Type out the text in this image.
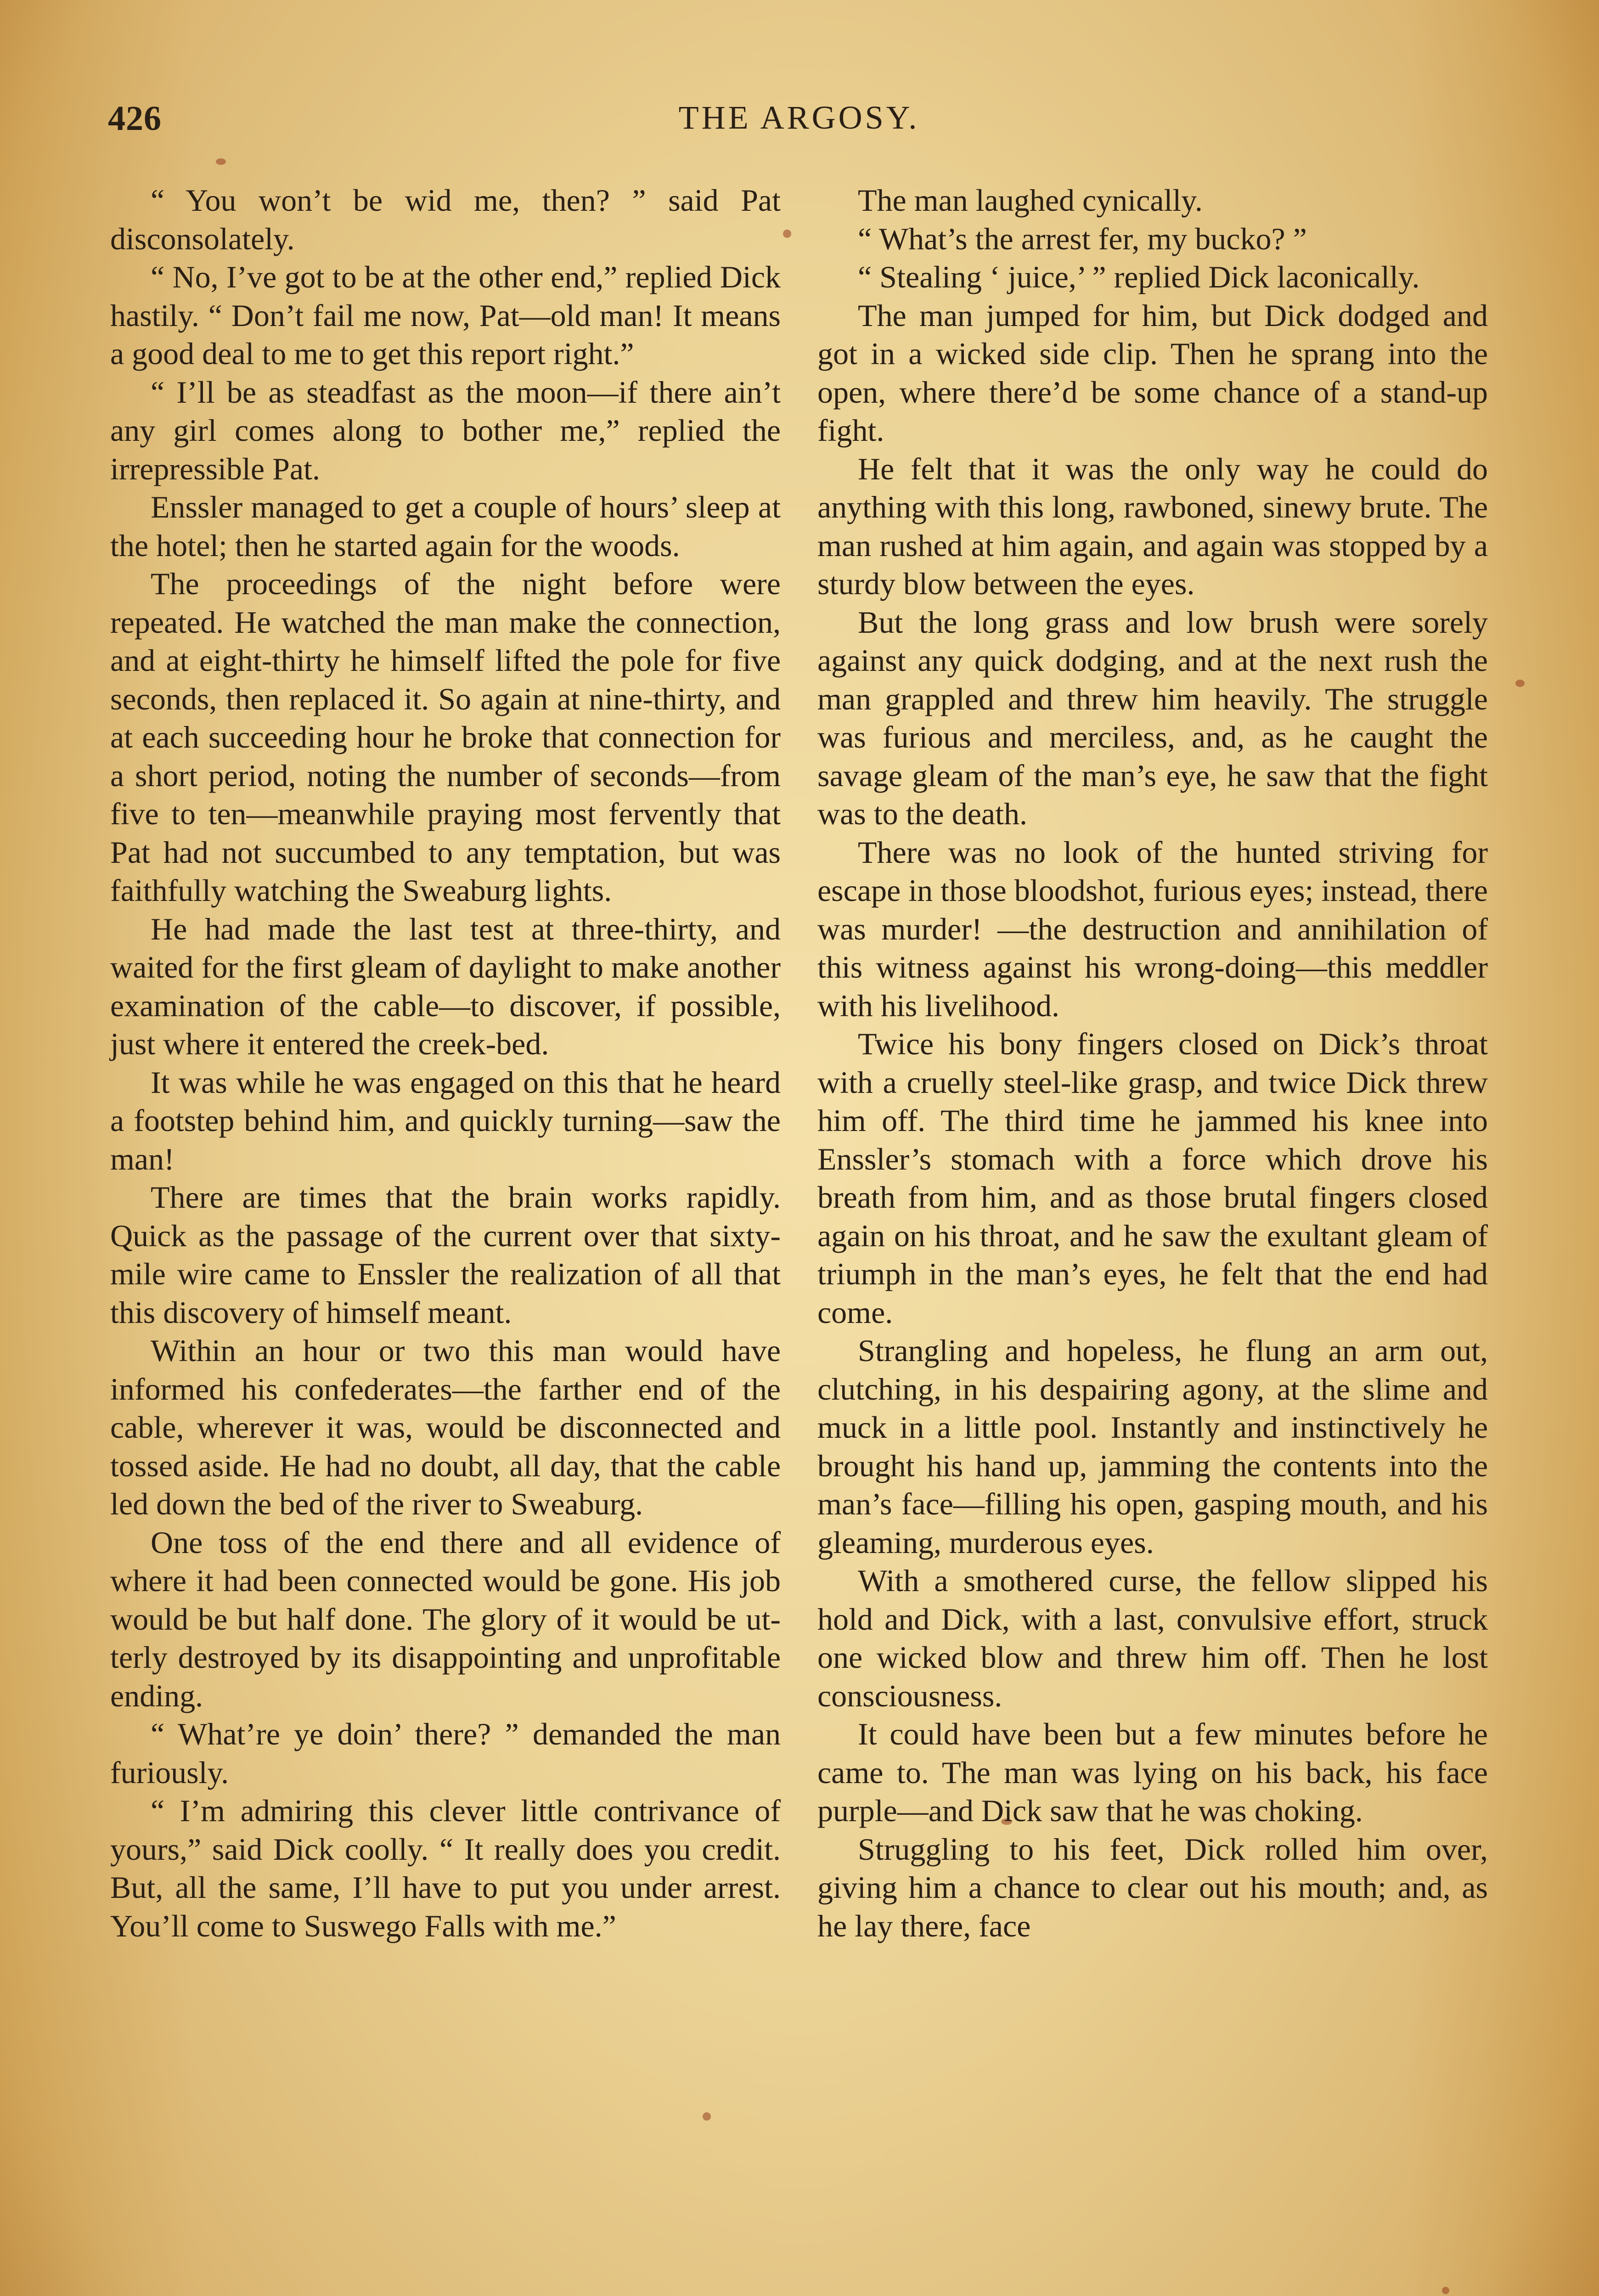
426	THE ARGOSY.

“ You won’t be wid me, then? ” said Pat disconsolately.

“ No, I’ve got to be at the other end,” replied Dick hastily. “ Don’t fail me now, Pat—old man! It means a good deal to me to get this report right.”

“ I’ll be as steadfast as the moon—if there ain’t any girl comes along to bother me,” replied the irrepressible Pat.

Enssler managed to get a couple of hours’ sleep at the hotel; then he started again for the woods.

The proceedings of the night before were repeated. He watched the man make the connection, and at eight-thirty he himself lifted the pole for five seconds, then replaced it. So again at nine-thirty, and at each succeeding hour he broke that connection for a short period, noting the number of seconds—from five to ten—meanwhile praying most fervently that Pat had not succumbed to any temptation, but was faithfully watching the Sweaburg lights.

He had made the last test at three-thirty, and waited for the first gleam of daylight to make another examination of the cable—to discover, if possible, just where it entered the creek-bed.

It was while he was engaged on this that he heard a footstep behind him, and quickly turning—saw the man!

There are times that the brain works rapidly. Quick as the passage of the current over that sixty-mile wire came to Enssler the realization of all that this discovery of himself meant.

Within an hour or two this man would have informed his confederates—the farther end of the cable, wherever it was, would be disconnected and tossed aside. He had no doubt, all day, that the cable led down the bed of the river to Sweaburg.

One toss of the end there and all evidence of where it had been connected would be gone. His job would be but half done. The glory of it would be utterly destroyed by its disappointing and unprofitable ending.

“ What’re ye doin’ there? ” demanded the man furiously.

“ I’m admiring this clever little contrivance of yours,” said Dick coolly. “ It really does you credit. But, all the same, I’ll have to put you under arrest. You’ll come to Suswego Falls with me.”

The man laughed cynically.

“ What’s the arrest fer, my bucko? ”

“ Stealing ‘ juice,’ ” replied Dick laconically.

The man jumped for him, but Dick dodged and got in a wicked side clip. Then he sprang into the open, where there’d be some chance of a stand-up fight.

He felt that it was the only way he could do anything with this long, rawboned, sinewy brute. The man rushed at him again, and again was stopped by a sturdy blow between the eyes.

But the long grass and low brush were sorely against any quick dodging, and at the next rush the man grappled and threw him heavily. The struggle was furious and merciless, and, as he caught the savage gleam of the man’s eye, he saw that the fight was to the death.

There was no look of the hunted striving for escape in those bloodshot, furious eyes; instead, there was murder! —the destruction and annihilation of this witness against his wrong-doing—this meddler with his livelihood.

Twice his bony fingers closed on Dick’s throat with a cruelly steel-like grasp, and twice Dick threw him off. The third time he jammed his knee into Enssler’s stomach with a force which drove his breath from him, and as those brutal fingers closed again on his throat, and he saw the exultant gleam of triumph in the man’s eyes, he felt that the end had come.

Strangling and hopeless, he flung an arm out, clutching, in his despairing agony, at the slime and muck in a little pool. Instantly and instinctively he brought his hand up, jamming the contents into the man’s face—filling his open, gasping mouth, and his gleaming, murderous eyes.

With a smothered curse, the fellow slipped his hold and Dick, with a last, convulsive effort, struck one wicked blow and threw him off. Then he lost consciousness.

It could have been but a few minutes before he came to. The man was lying on his back, his face purple—and Dick saw that he was choking.

Struggling to his feet, Dick rolled him over, giving him a chance to clear out his mouth; and, as he lay there, face
